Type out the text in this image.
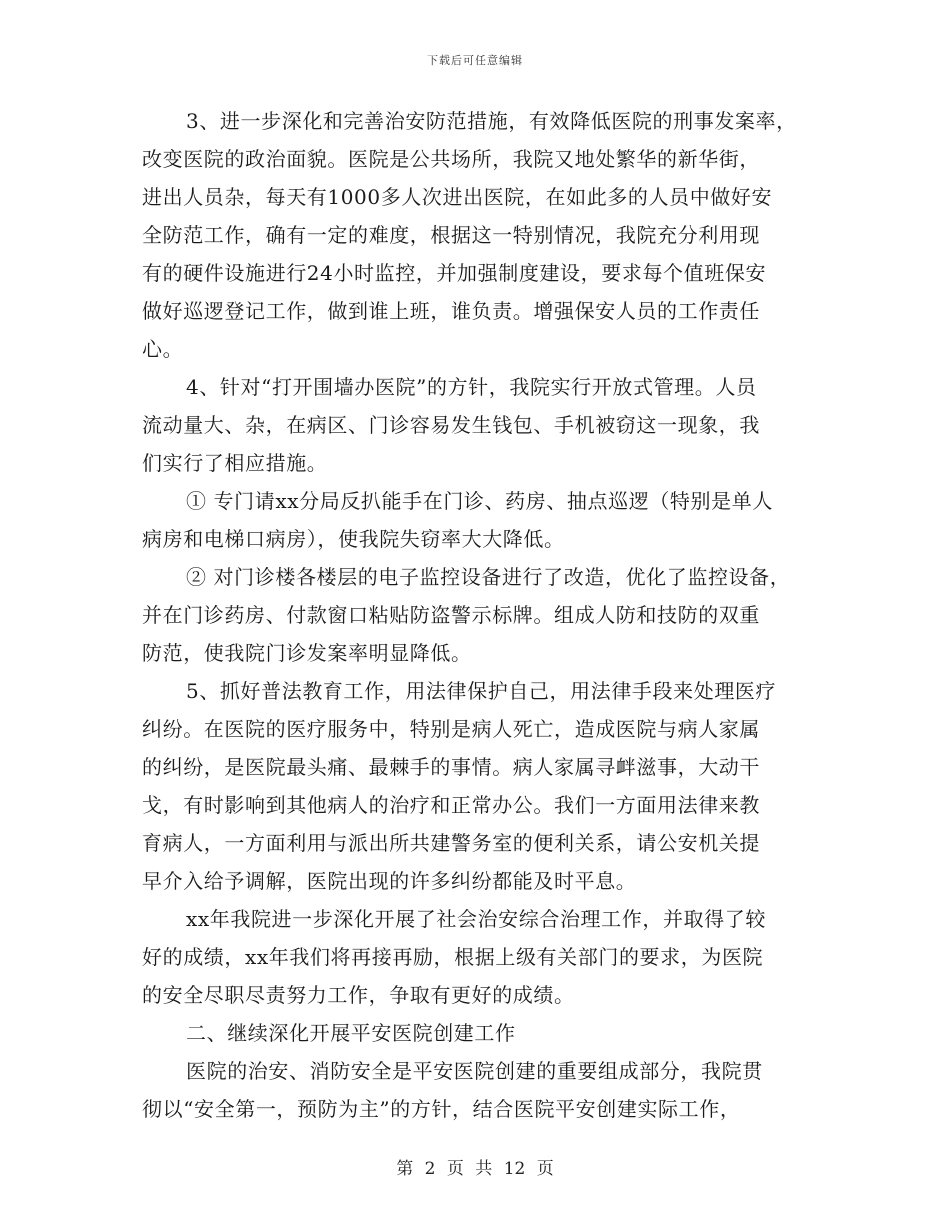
下载后可任意编辑
3、进一步深化和完善治安防范措施，有效降低医院的刑事发案率，
改变医院的政治面貌。医院是公共场所，我院又地处繁华的新华街，
进出人员杂，每天有1000多人次进出医院，在如此多的人员中做好安
全防范工作，确有一定的难度，根据这一特别情况，我院充分利用现
有的硬件设施进行24小时监控，并加强制度建设，要求每个值班保安
做好巡逻登记工作，做到谁上班，谁负责。增强保安人员的工作责任
心。
4、针对“打开围墙办医院”的方针，我院实行开放式管理。人员
流动量大、杂，在病区、门诊容易发生钱包、手机被窃这一现象，我
们实行了相应措施。
① 专门请xx分局反扒能手在门诊、药房、抽点巡逻（特别是单人
病房和电梯口病房），使我院失窃率大大降低。
② 对门诊楼各楼层的电子监控设备进行了改造，优化了监控设备，
并在门诊药房、付款窗口粘贴防盗警示标牌。组成人防和技防的双重
防范，使我院门诊发案率明显降低。
5、抓好普法教育工作，用法律保护自己，用法律手段来处理医疗
纠纷。在医院的医疗服务中，特别是病人死亡，造成医院与病人家属
的纠纷，是医院最头痛、最棘手的事情。病人家属寻衅滋事，大动干
戈，有时影响到其他病人的治疗和正常办公。我们一方面用法律来教
育病人，一方面利用与派出所共建警务室的便利关系，请公安机关提
早介入给予调解，医院出现的许多纠纷都能及时平息。
xx年我院进一步深化开展了社会治安综合治理工作，并取得了较
好的成绩，xx年我们将再接再励，根据上级有关部门的要求，为医院
的安全尽职尽责努力工作，争取有更好的成绩。
二、继续深化开展平安医院创建工作
医院的治安、消防安全是平安医院创建的重要组成部分，我院贯
彻以“安全第一，预防为主”的方针，结合医院平安创建实际工作，
第 2 页 共 12 页
